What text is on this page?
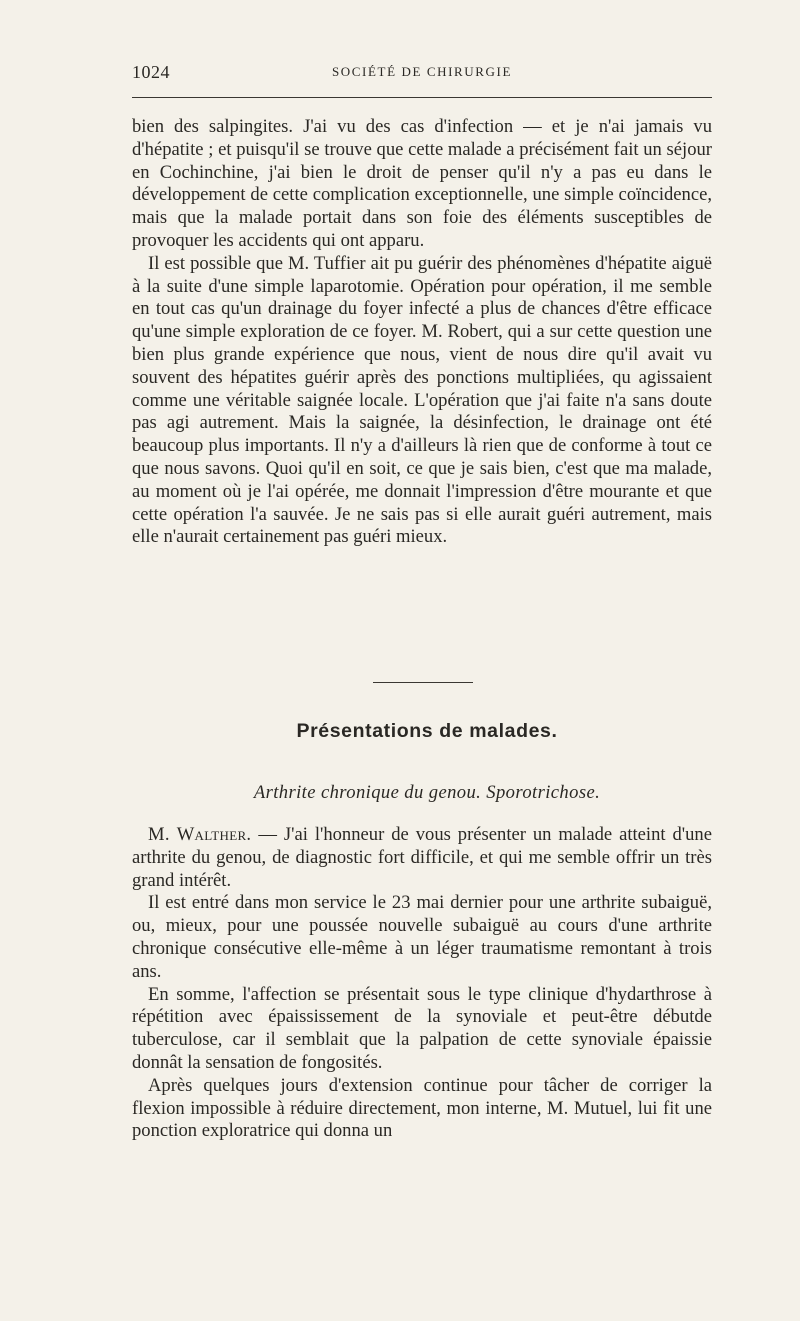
1024	SOCIÉTÉ DE CHIRURGIE

bien des salpingites. J'ai vu des cas d'infection — et je n'ai jamais vu d'hépatite ; et puisqu'il se trouve que cette malade a précisément fait un séjour en Cochinchine, j'ai bien le droit de penser qu'il n'y a pas eu dans le développement de cette complication exceptionnelle, une simple coïncidence, mais que la malade portait dans son foie des éléments susceptibles de provoquer les accidents qui ont apparu.

Il est possible que M. Tuffier ait pu guérir des phénomènes d'hépatite aiguë à la suite d'une simple laparotomie. Opération pour opération, il me semble en tout cas qu'un drainage du foyer infecté a plus de chances d'être efficace qu'une simple exploration de ce foyer. M. Robert, qui a sur cette question une bien plus grande expérience que nous, vient de nous dire qu'il avait vu souvent des hépatites guérir après des ponctions multipliées, qu agissaient comme une véritable saignée locale. L'opération que j'ai faite n'a sans doute pas agi autrement. Mais la saignée, la désinfection, le drainage ont été beaucoup plus importants. Il n'y a d'ailleurs là rien que de conforme à tout ce que nous savons. Quoi qu'il en soit, ce que je sais bien, c'est que ma malade, au moment où je l'ai opérée, me donnait l'impression d'être mourante et que cette opération l'a sauvée. Je ne sais pas si elle aurait guéri autrement, mais elle n'aurait certainement pas guéri mieux.

Présentations de malades.
Arthrite chronique du genou. Sporotrichose.

M. Walther. — J'ai l'honneur de vous présenter un malade atteint d'une arthrite du genou, de diagnostic fort difficile, et qui me semble offrir un très grand intérêt.

Il est entré dans mon service le 23 mai dernier pour une arthrite subaiguë, ou, mieux, pour une poussée nouvelle subaiguë au cours d'une arthrite chronique consécutive elle-même à un léger traumatisme remontant à trois ans.

En somme, l'affection se présentait sous le type clinique d'hydarthrose à répétition avec épaississement de la synoviale et peut-être débutde tuberculose, car il semblait que la palpation de cette synoviale épaissie donnât la sensation de fongosités.

Après quelques jours d'extension continue pour tâcher de corriger la flexion impossible à réduire directement, mon interne, M. Mutuel, lui fit une ponction exploratrice qui donna un
